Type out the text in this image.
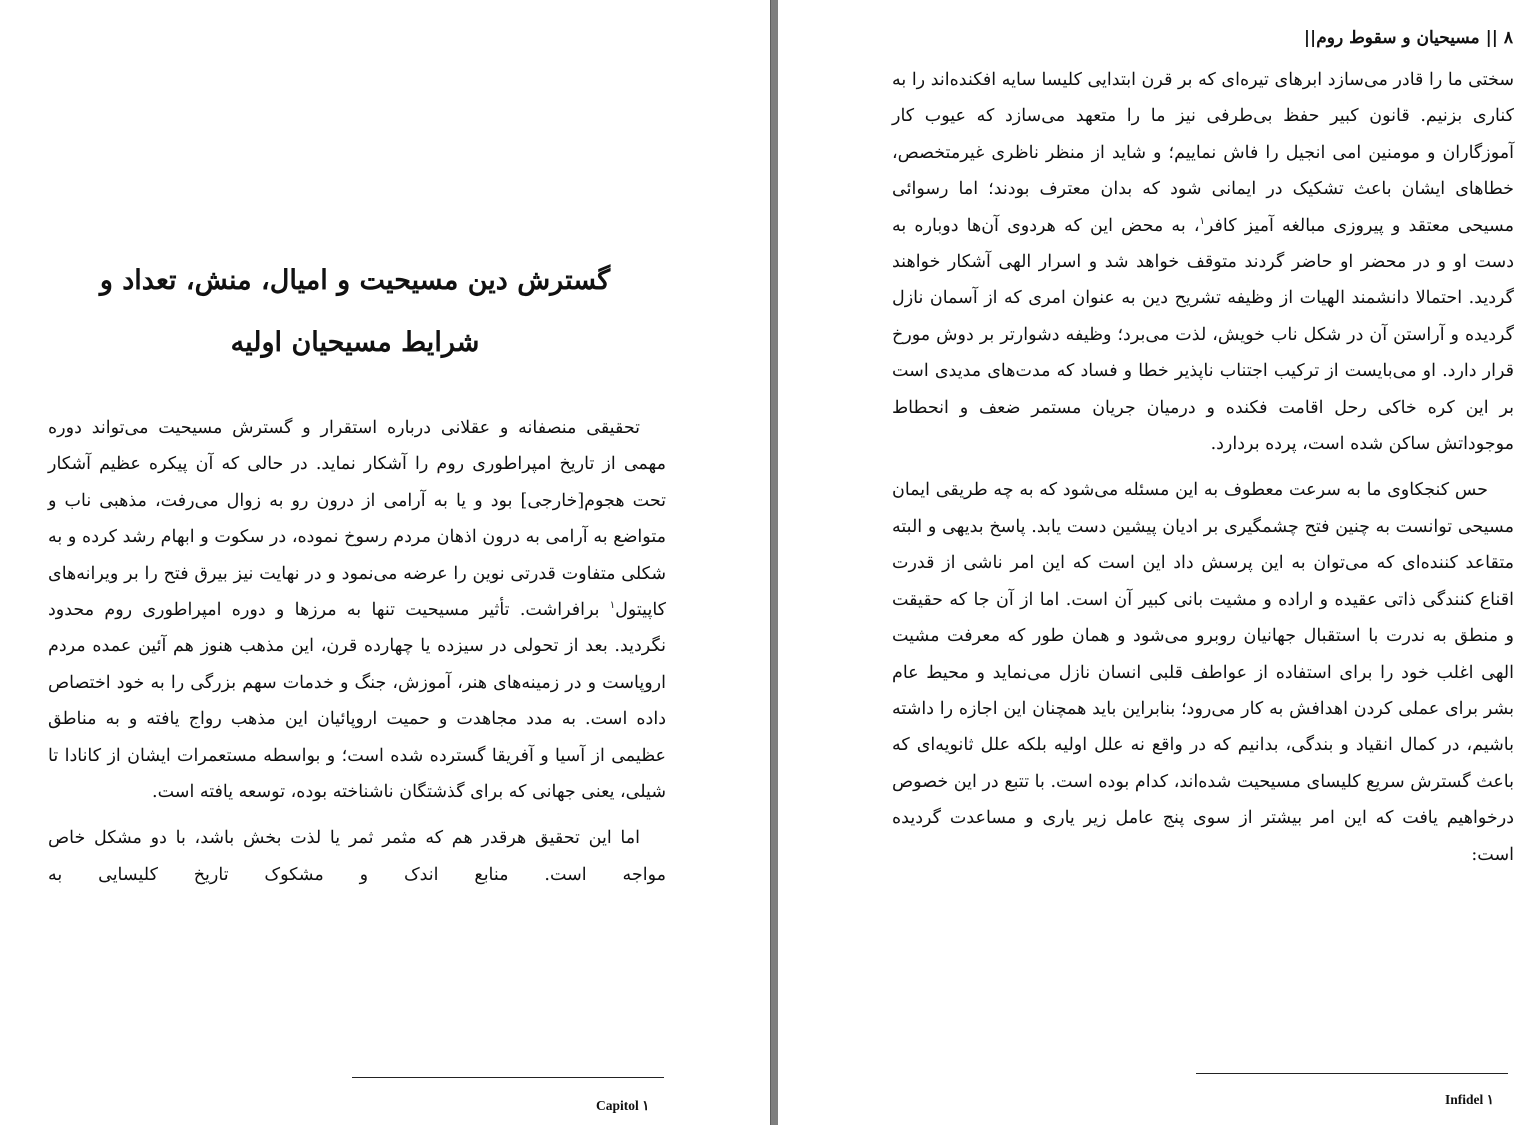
گسترش دین مسیحیت و امیال، منش، تعداد و
شرایط مسیحیان اولیه

تحقیقی منصفانه و عقلانی درباره استقرار و گسترش مسیحیت می‌تواند دوره مهمی از تاریخ امپراطوری روم را آشکار نماید. در حالی که آن پیکره عظیم آشکار تحت هجوم[خارجی] بود و یا به آرامی از درون رو به زوال می‌رفت، مذهبی ناب و متواضع به آرامی به درون اذهان مردم رسوخ نموده، در سکوت و ابهام رشد کرده و به شکلی متفاوت قدرتی نوین را عرضه می‌نمود و در نهایت نیز بیرق فتح را بر ویرانه‌های کاپیتول$^١$ برافراشت. تأثیر مسیحیت تنها به مرزها و دوره امپراطوری روم محدود نگردید. بعد از تحولی در سیزده یا چهارده قرن، این مذهب هنوز هم آئین عمده مردم اروپاست و در زمینه‌های هنر، آموزش، جنگ و خدمات سهم بزرگی را به خود اختصاص داده است. به مدد مجاهدت و حمیت اروپائیان این مذهب رواج یافته و به مناطق عظیمی از آسیا و آفریقا گسترده شده است؛ و بواسطه مستعمرات ایشان از کانادا تا شیلی، یعنی جهانی که برای گذشتگان ناشناخته بوده، توسعه یافته است.

اما این تحقیق هرقدر هم که مثمر ثمر یا لذت بخش باشد، با دو مشکل خاص مواجه است. منابع اندک و مشکوک تاریخ کلیسایی به

١ Capitol
۸ || مسیحیان و سقوط روم||

سختی ما را قادر می‌سازد ابرهای تیره‌ای که بر قرن ابتدایی کلیسا سایه افکنده‌اند را به کناری بزنیم. قانون کبیر حفظ بی‌طرفی نیز ما را متعهد می‌سازد که عیوب کار آموزگاران و مومنین امی انجیل را فاش نماییم؛ و شاید از منظر ناظری غیرمتخصص، خطاهای ایشان باعث تشکیک در ایمانی شود که بدان معترف بودند؛ اما رسوائی مسیحی معتقد و پیروزی مبالغه آمیز کافر$^١$، به محض این که هردوی آن‌ها دوباره به دست او و در محضر او حاضر گردند متوقف خواهد شد و اسرار الهی آشکار خواهند گردید. احتمالا دانشمند الهیات از وظیفه تشریح دین به عنوان امری که از آسمان نازل گردیده و آراستن آن در شکل ناب خویش، لذت می‌برد؛ وظیفه دشوارتر بر دوش مورخ قرار دارد. او می‌بایست از ترکیب اجتناب ناپذیر خطا و فساد که مدت‌های مدیدی است بر این کره خاکی رحل اقامت فکنده و درمیان جریان مستمر ضعف و انحطاط موجوداتش ساکن شده است، پرده بردارد.

حس کنجکاوی ما به سرعت معطوف به این مسئله می‌شود که به چه طریقی ایمان مسیحی توانست به چنین فتح چشمگیری بر ادیان پیشین دست یابد. پاسخ بدیهی و البته متقاعد کننده‌ای که می‌توان به این پرسش داد این است که این امر ناشی از قدرت اقناع کنندگی ذاتی عقیده و اراده و مشیت بانی کبیر آن است. اما از آن جا که حقیقت و منطق به ندرت با استقبال جهانیان روبرو می‌شود و همان طور که معرفت مشیت الهی اغلب خود را برای استفاده از عواطف قلبی انسان نازل می‌نماید و محیط عام بشر برای عملی کردن اهدافش به کار می‌رود؛ بنابراین باید همچنان این اجازه را داشته باشیم، در کمال انقیاد و بندگی، بدانیم که در واقع نه علل اولیه بلکه علل ثانویه‌ای که باعث گسترش سریع کلیسای مسیحیت شده‌اند، کدام بوده است. با تتبع در این خصوص درخواهیم یافت که این امر بیشتر از سوی پنج عامل زیر یاری و مساعدت گردیده است:

١ Infidel
